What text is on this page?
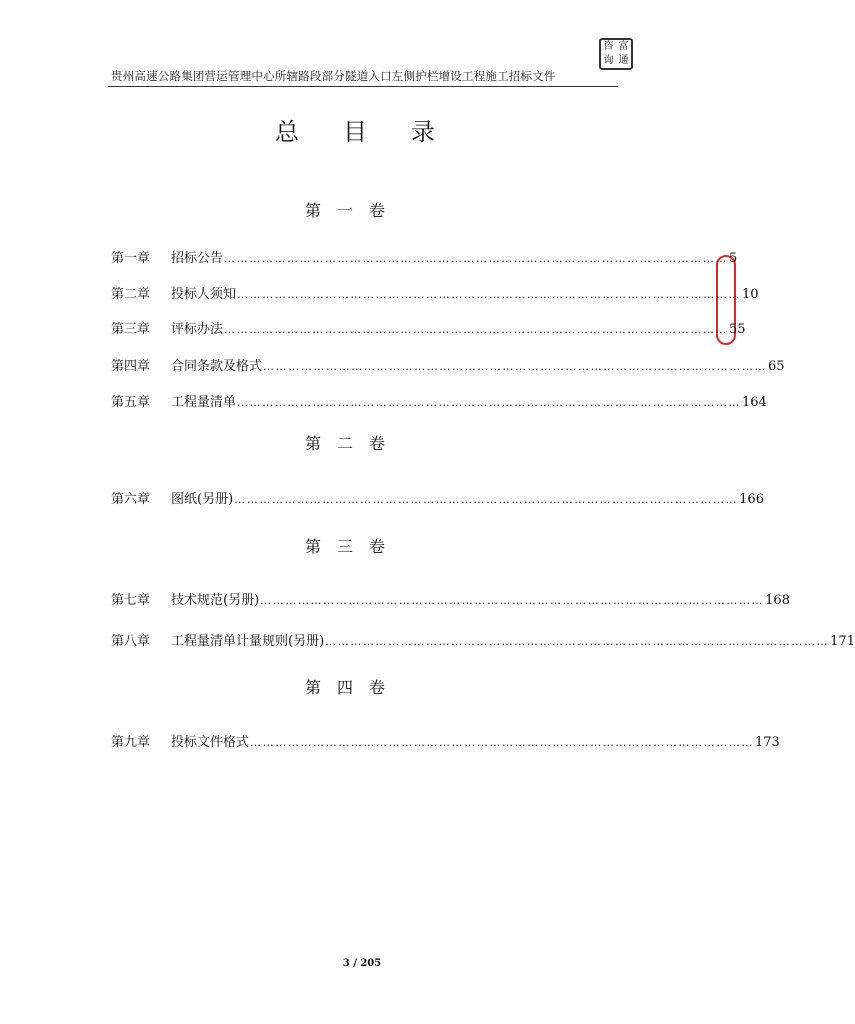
贵州高速公路集团营运管理中心所辖路段部分隧道入口左侧护栏增设工程施工招标文件
咨 富
询 通
总 目 录
第 一 卷
第一章	招标公告 ………………………………………………………………………………………………………… 5
第二章	投标人须知 ………………………………………………………………………………………………………… 10
第三章	评标办法 ………………………………………………………………………………………………………… 55
第四章	合同条款及格式 ………………………………………………………………………………………………………… 65
第五章	工程量清单 ………………………………………………………………………………………………………… 164
第 二 卷
第六章	图纸(另册) ………………………………………………………………………………………………………… 166
第 三 卷
第七章	技术规范(另册) ………………………………………………………………………………………………………… 168
第八章	工程量清单计量规则(另册) ………………………………………………………………………………………………………… 171
第 四 卷
第九章	投标文件格式 ………………………………………………………………………………………………………… 173
3 / 205
